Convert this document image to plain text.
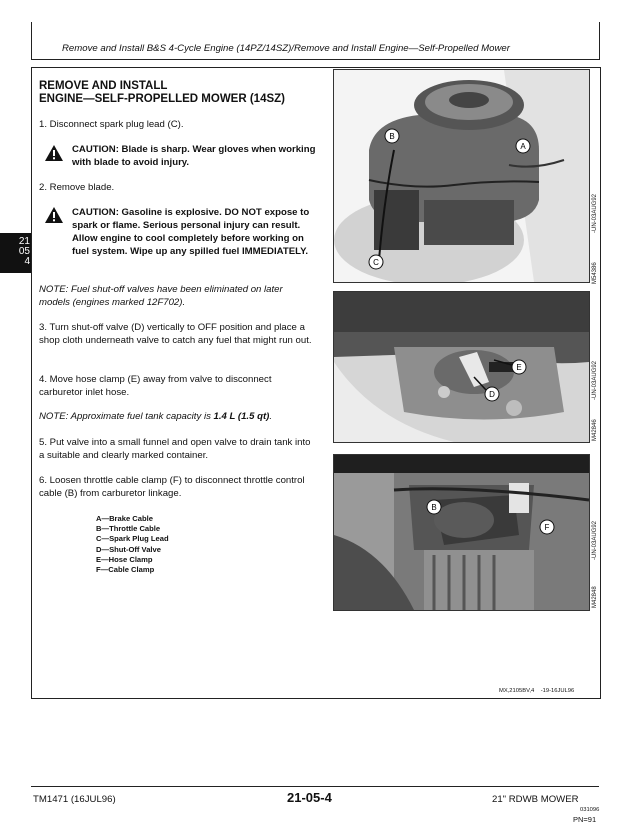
Remove and Install B&S 4-Cycle Engine (14PZ/14SZ)/Remove and Install Engine—Self-Propelled Mower
21
05
4
REMOVE AND INSTALL
ENGINE—SELF-PROPELLED MOWER (14SZ)
1. Disconnect spark plug lead (C).
CAUTION: Blade is sharp. Wear gloves when working with blade to avoid injury.
2. Remove blade.
CAUTION: Gasoline is explosive. DO NOT expose to spark or flame. Serious personal injury can result. Allow engine to cool completely before working on fuel system. Wipe up any spilled fuel IMMEDIATELY.
NOTE: Fuel shut-off valves have been eliminated on later models (engines marked 12F702).
3. Turn shut-off valve (D) vertically to OFF position and place a shop cloth underneath valve to catch any fuel that might run out.
4. Move hose clamp (E) away from valve to disconnect carburetor inlet hose.
NOTE: Approximate fuel tank capacity is 1.4 L (1.5 qt).
5. Put valve into a small funnel and open valve to drain tank into a suitable and clearly marked container.
6. Loosen throttle cable clamp (F) to disconnect throttle control cable (B) from carburetor linkage.
A—Brake Cable
B—Throttle Cable
C—Spark Plug Lead
D—Shut-Off Valve
E—Hose Clamp
F—Cable Clamp
B
A
C
-UN-03AUG92
M54386
E
D	-UN-03AUG92
M42846
B
F	-UN-03AUG92
M42848
MX,2105BV,4 -19-16JUL96
TM1471 (16JUL96)	21-05-4	21" RDWB MOWER
031096
PN=91
